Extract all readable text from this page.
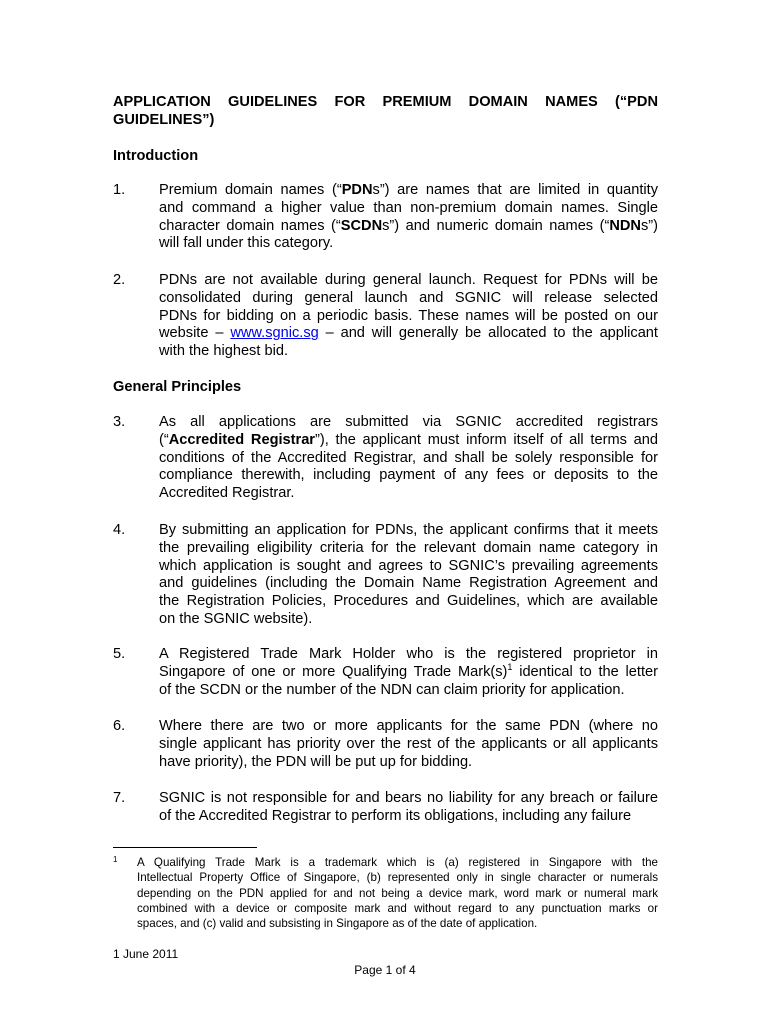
APPLICATION GUIDELINES FOR PREMIUM DOMAIN NAMES (“PDN
GUIDELINES”)
Introduction
1.	Premium domain names (“PDNs”) are names that are limited in quantity
and command a higher value than non-premium domain names. Single
character domain names (“SCDNs”) and numeric domain names (“NDNs”)
will fall under this category.
2.	PDNs are not available during general launch. Request for PDNs will be
consolidated during general launch and SGNIC will release selected
PDNs for bidding on a periodic basis. These names will be posted on our
website – www.sgnic.sg – and will generally be allocated to the applicant
with the highest bid.
General Principles
3.	As all applications are submitted via SGNIC accredited registrars
(“Accredited Registrar”), the applicant must inform itself of all terms and
conditions of the Accredited Registrar, and shall be solely responsible for
compliance therewith, including payment of any fees or deposits to the
Accredited Registrar.
4.	By submitting an application for PDNs, the applicant confirms that it meets
the prevailing eligibility criteria for the relevant domain name category in
which application is sought and agrees to SGNIC’s prevailing agreements
and guidelines (including the Domain Name Registration Agreement and
the Registration Policies, Procedures and Guidelines, which are available
on the SGNIC website).
5.	A Registered Trade Mark Holder who is the registered proprietor in
Singapore of one or more Qualifying Trade $Mark(s)^1$ identical to the letter
of the SCDN or the number of the NDN can claim priority for application.
6.	Where there are two or more applicants for the same PDN (where no
single applicant has priority over the rest of the applicants or all applicants
have priority), the PDN will be put up for bidding.
7.	SGNIC is not responsible for and bears no liability for any breach or failure
of the Accredited Registrar to perform its obligations, including any failure
1 A Qualifying Trade Mark is a trademark which is (a) registered in Singapore with the
Intellectual Property Office of Singapore, (b) represented only in single character or numerals
depending on the PDN applied for and not being a device mark, word mark or numeral mark
combined with a device or composite mark and without regard to any punctuation marks or
spaces, and (c) valid and subsisting in Singapore as of the date of application.
1 June 2011
Page 1 of 4
